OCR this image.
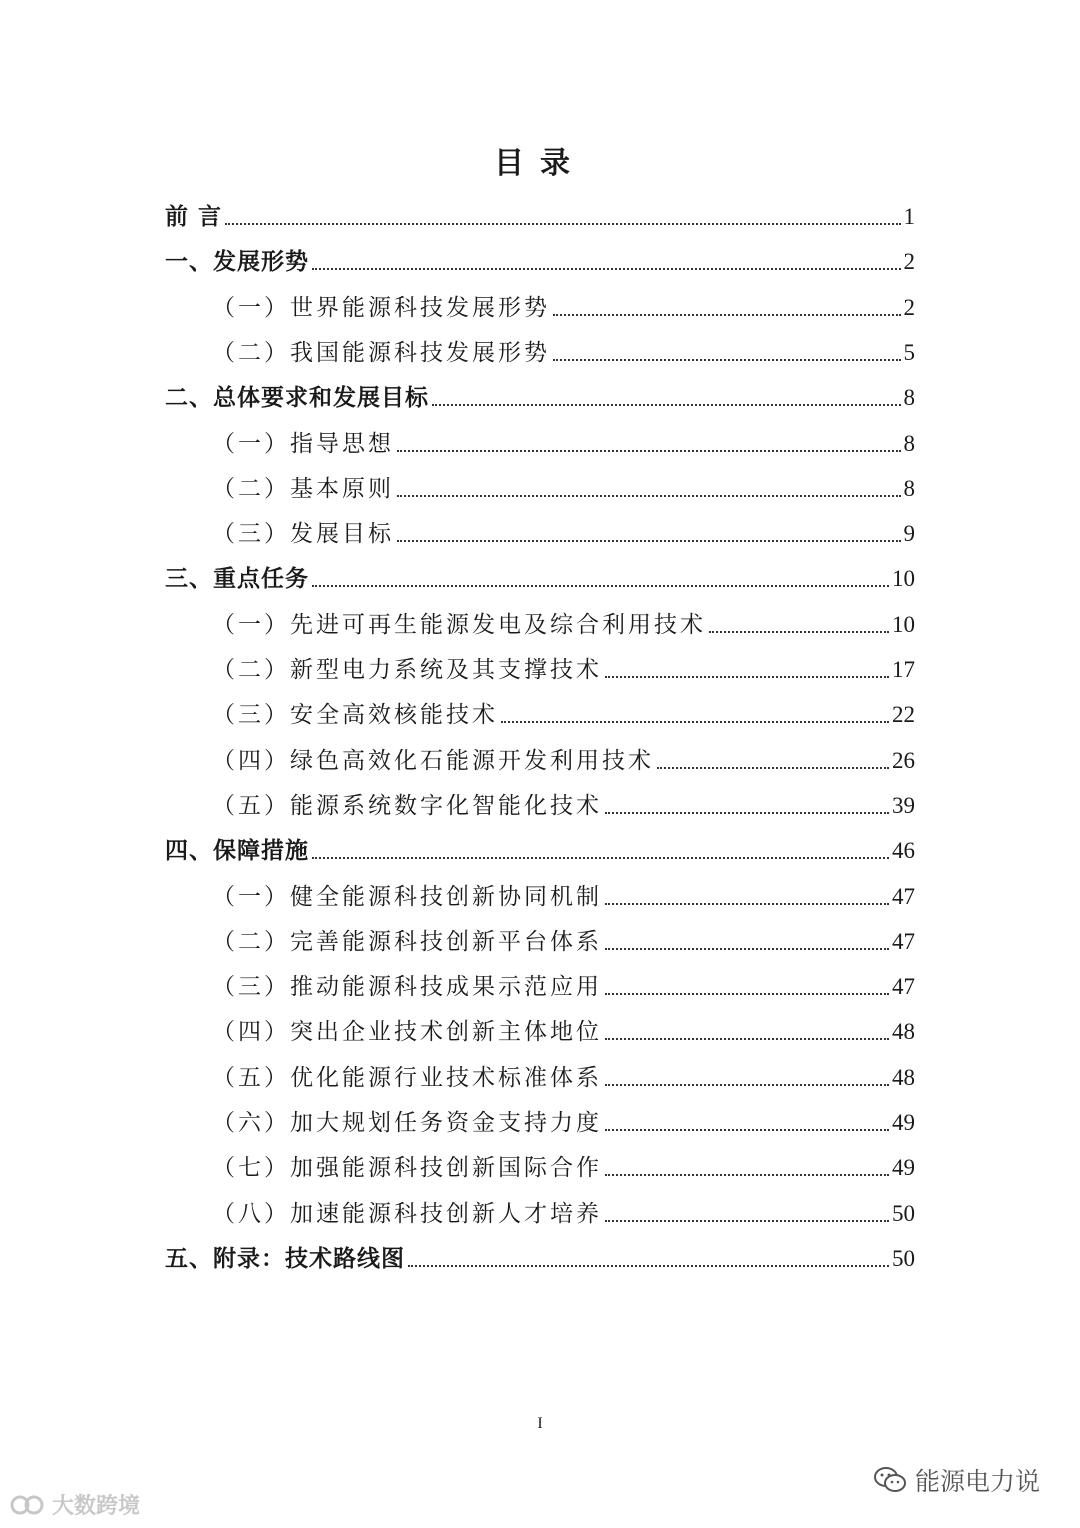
目录
前 言	1
一、发展形势	2
（一）世界能源科技发展形势	2
（二）我国能源科技发展形势	5
二、总体要求和发展目标	8
（一）指导思想	8
（二）基本原则	8
（三）发展目标	9
三、重点任务	10
（一）先进可再生能源发电及综合利用技术	10
（二）新型电力系统及其支撑技术	17
（三）安全高效核能技术	22
（四）绿色高效化石能源开发利用技术	26
（五）能源系统数字化智能化技术	39
四、保障措施	46
（一）健全能源科技创新协同机制	47
（二）完善能源科技创新平台体系	47
（三）推动能源科技成果示范应用	47
（四）突出企业技术创新主体地位	48
（五）优化能源行业技术标准体系	48
（六）加大规划任务资金支持力度	49
（七）加强能源科技创新国际合作	49
（八）加速能源科技创新人才培养	50
五、附录：技术路线图	50
I
大数跨境
能源电力说
